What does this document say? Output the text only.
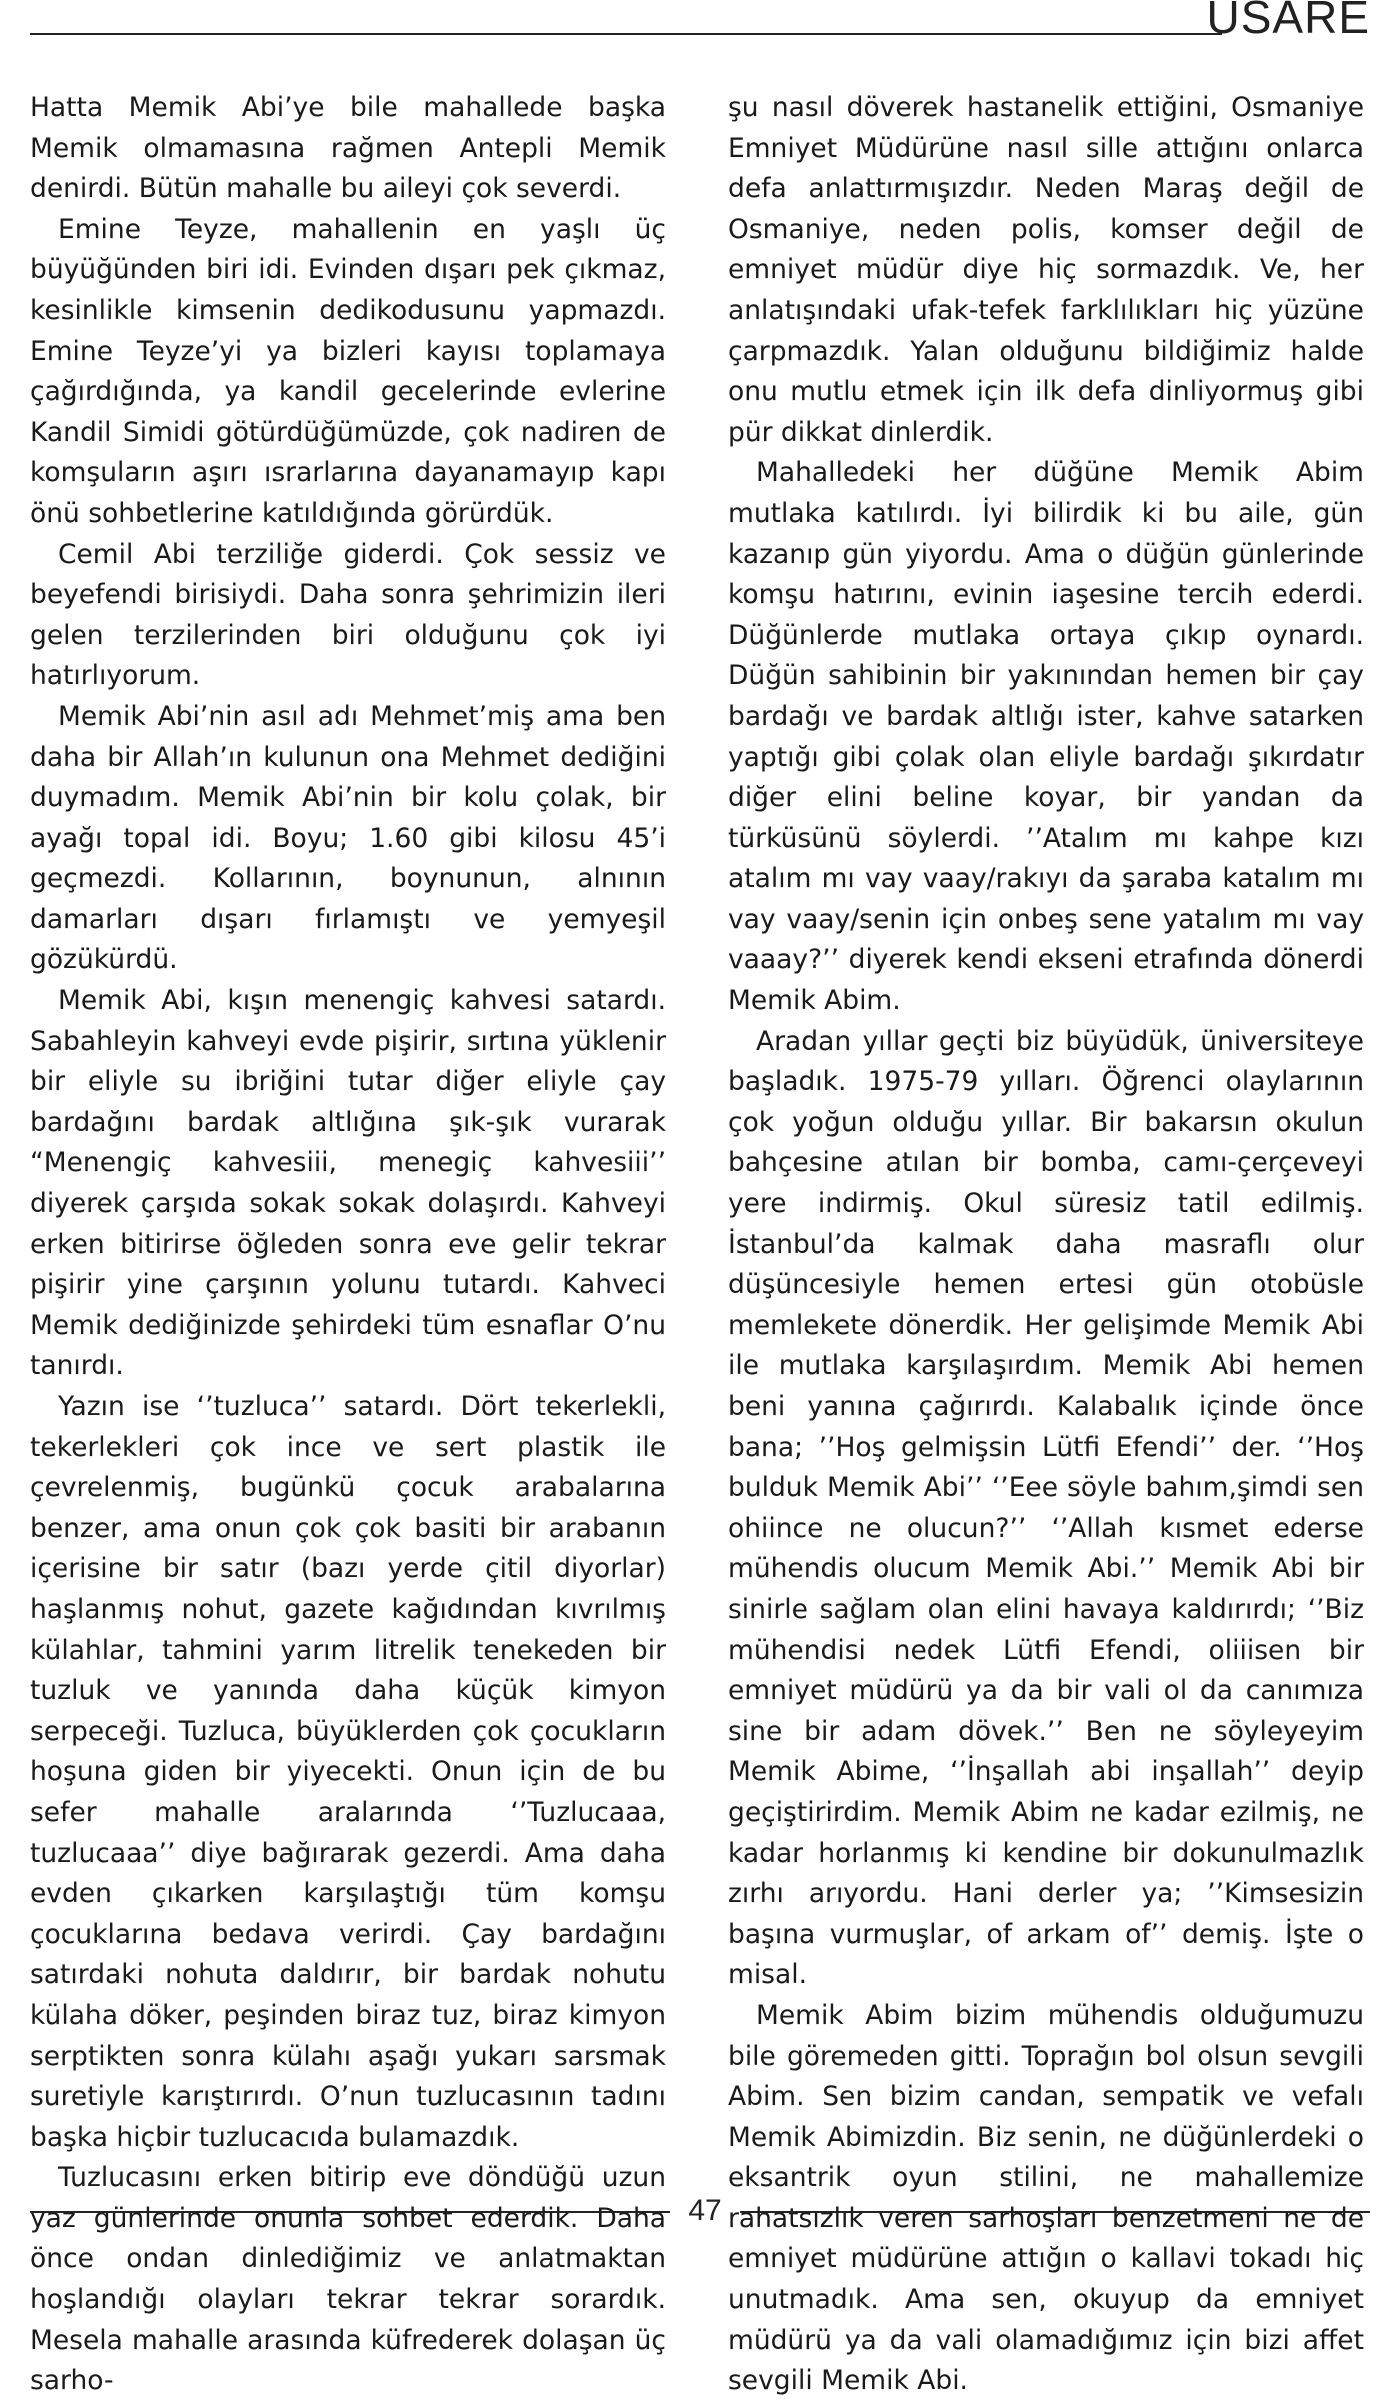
USARE

Hatta Memik Abi’ye bile mahallede başka Memik olmamasına rağmen Antepli Memik denirdi. Bütün mahalle bu aileyi çok severdi.

Emine Teyze, mahallenin en yaşlı üç büyüğünden biri idi. Evinden dışarı pek çıkmaz, kesinlikle kimsenin dedikodusunu yapmazdı. Emine Teyze’yi ya bizleri kayısı toplamaya çağırdığında, ya kandil gecelerinde evlerine Kandil Simidi götürdüğümüzde, çok nadiren de komşuların aşırı ısrarlarına dayanamayıp kapı önü sohbetlerine katıldığında görürdük.

Cemil Abi terziliğe giderdi. Çok sessiz ve beyefendi birisiydi. Daha sonra şehrimizin ileri gelen terzilerinden biri olduğunu çok iyi hatırlıyorum.

Memik Abi’nin asıl adı Mehmet’miş ama ben daha bir Allah’ın kulunun ona Mehmet dediğini duymadım. Memik Abi’nin bir kolu çolak, bir ayağı topal idi. Boyu; 1.60 gibi kilosu 45’i geçmezdi. Kollarının, boynunun, alnının damarları dışarı fırlamıştı ve yemyeşil gözükürdü.

Memik Abi, kışın menengiç kahvesi satardı. Sabahleyin kahveyi evde pişirir, sırtına yüklenir bir eliyle su ibriğini tutar diğer eliyle çay bardağını bardak altlığına şık-şık vurarak “Menengiç kahvesiii, menegiç kahvesiii’’ diyerek çarşıda sokak sokak dolaşırdı. Kahveyi erken bitirirse öğleden sonra eve gelir tekrar pişirir yine çarşının yolunu tutardı. Kahveci Memik dediğinizde şehirdeki tüm esnaflar O’nu tanırdı.

Yazın ise ‘’tuzluca’’ satardı. Dört tekerlekli, tekerlekleri çok ince ve sert plastik ile çevrelenmiş, bugünkü çocuk arabalarına benzer, ama onun çok çok basiti bir arabanın içerisine bir satır (bazı yerde çitil diyorlar) haşlanmış nohut, gazete kağıdından kıvrılmış külahlar, tahmini yarım litrelik tenekeden bir tuzluk ve yanında daha küçük kimyon serpeceği. Tuzluca, büyüklerden çok çocukların hoşuna giden bir yiyecekti. Onun için de bu sefer mahalle aralarında ‘’Tuzlucaaa, tuzlucaaa’’ diye bağırarak gezerdi. Ama daha evden çıkarken karşılaştığı tüm komşu çocuklarına bedava verirdi. Çay bardağını satırdaki nohuta daldırır, bir bardak nohutu külaha döker, peşinden biraz tuz, biraz kimyon serptikten sonra külahı aşağı yukarı sarsmak suretiyle karıştırırdı. O’nun tuzlucasının tadını başka hiçbir tuzlucacıda bulamazdık.

Tuzlucasını erken bitirip eve döndüğü uzun yaz günlerinde onunla sohbet ederdik. Daha önce ondan dinlediğimiz ve anlatmaktan hoşlandığı olayları tekrar tekrar sorardık. Mesela mahalle arasında küfrederek dolaşan üç sarho-

şu nasıl döverek hastanelik ettiğini, Osmaniye Emniyet Müdürüne nasıl sille attığını onlarca defa anlattırmışızdır. Neden Maraş değil de Osmaniye, neden polis, komser değil de emniyet müdür diye hiç sormazdık. Ve, her anlatışındaki ufak-tefek farklılıkları hiç yüzüne çarpmazdık. Yalan olduğunu bildiğimiz halde onu mutlu etmek için ilk defa dinliyormuş gibi pür dikkat dinlerdik.

Mahalledeki her düğüne Memik Abim mutlaka katılırdı. İyi bilirdik ki bu aile, gün kazanıp gün yiyordu. Ama o düğün günlerinde komşu hatırını, evinin iaşesine tercih ederdi. Düğünlerde mutlaka ortaya çıkıp oynardı. Düğün sahibinin bir yakınından hemen bir çay bardağı ve bardak altlığı ister, kahve satarken yaptığı gibi çolak olan eliyle bardağı şıkırdatır diğer elini beline koyar, bir yandan da türküsünü söylerdi. ’’Atalım mı kahpe kızı atalım mı vay vaay/rakıyı da şaraba katalım mı vay vaay/senin için onbeş sene yatalım mı vay vaaay?’’ diyerek kendi ekseni etrafında dönerdi Memik Abim.

Aradan yıllar geçti biz büyüdük, üniversiteye başladık. 1975-79 yılları. Öğrenci olaylarının çok yoğun olduğu yıllar. Bir bakarsın okulun bahçesine atılan bir bomba, camı-çerçeveyi yere indirmiş. Okul süresiz tatil edilmiş. İstanbul’da kalmak daha masraflı olur düşüncesiyle hemen ertesi gün otobüsle memlekete dönerdik. Her gelişimde Memik Abi ile mutlaka karşılaşırdım. Memik Abi hemen beni yanına çağırırdı. Kalabalık içinde önce bana; ’’Hoş gelmişsin Lütfi Efendi’’ der. ‘’Hoş bulduk Memik Abi’’ ‘’Eee söyle bahım,şimdi sen ohiince ne olucun?’’ ‘’Allah kısmet ederse mühendis olucum Memik Abi.’’ Memik Abi bir sinirle sağlam olan elini havaya kaldırırdı; ‘’Biz mühendisi nedek Lütfi Efendi, oliiisen bir emniyet müdürü ya da bir vali ol da canımıza sine bir adam dövek.’’ Ben ne söyleyeyim Memik Abime, ‘’İnşallah abi inşallah’’ deyip geçiştirirdim. Memik Abim ne kadar ezilmiş, ne kadar horlanmış ki kendine bir dokunulmazlık zırhı arıyordu. Hani derler ya; ’’Kimsesizin başına vurmuşlar, of arkam of’’ demiş. İşte o misal.

Memik Abim bizim mühendis olduğumuzu bile göremeden gitti. Toprağın bol olsun sevgili Abim. Sen bizim candan, sempatik ve vefalı Memik Abimizdin. Biz senin, ne düğünlerdeki o eksantrik oyun stilini, ne mahallemize rahatsızlık veren sarhoşları benzetmeni ne de emniyet müdürüne attığın o kallavi tokadı hiç unutmadık. Ama sen, okuyup da emniyet müdürü ya da vali olamadığımız için bizi affet sevgili Memik Abi.

47
